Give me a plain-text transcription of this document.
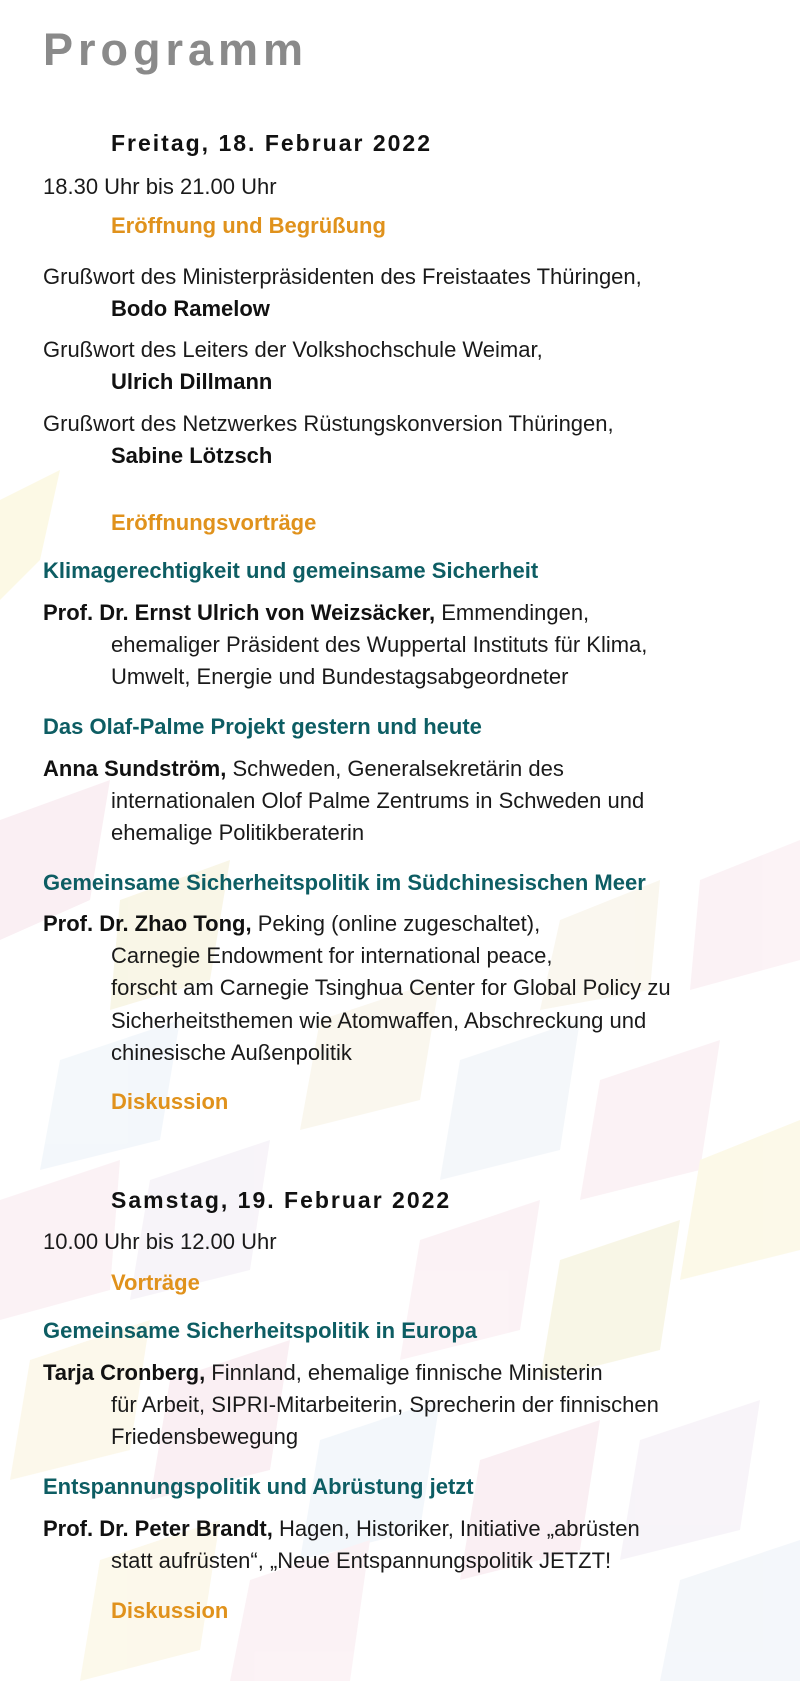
Programm
Freitag, 18. Februar 2022
18.30 Uhr bis 21.00 Uhr
Eröffnung und Begrüßung
Grußwort des Ministerpräsidenten des Freistaates Thüringen,
Bodo Ramelow
Grußwort des Leiters der Volkshochschule Weimar,
Ulrich Dillmann
Grußwort des Netzwerkes Rüstungskonversion Thüringen,
Sabine Lötzsch
Eröffnungsvorträge
Klimagerechtigkeit und gemeinsame Sicherheit
Prof. Dr. Ernst Ulrich von Weizsäcker, Emmendingen,
ehemaliger Präsident des Wuppertal Instituts für Klima,
Umwelt, Energie und Bundestagsabgeordneter
Das Olaf-Palme Projekt gestern und heute
Anna Sundström, Schweden, Generalsekretärin des
internationalen Olof Palme Zentrums in Schweden und
ehemalige Politikberaterin
Gemeinsame Sicherheitspolitik im Südchinesischen Meer
Prof. Dr. Zhao Tong, Peking (online zugeschaltet),
Carnegie Endowment for international peace,
forscht am Carnegie Tsinghua Center for Global Policy zu
Sicherheitsthemen wie Atomwaffen, Abschreckung und
chinesische Außenpolitik
Diskussion
Samstag, 19. Februar 2022
10.00 Uhr bis 12.00 Uhr
Vorträge
Gemeinsame Sicherheitspolitik in Europa
Tarja Cronberg, Finnland, ehemalige finnische Ministerin
für Arbeit, SIPRI-Mitarbeiterin, Sprecherin der finnischen
Friedensbewegung
Entspannungspolitik und Abrüstung jetzt
Prof. Dr. Peter Brandt, Hagen, Historiker, Initiative „abrüsten
statt aufrüsten“, „Neue Entspannungspolitik JETZT!
Diskussion
